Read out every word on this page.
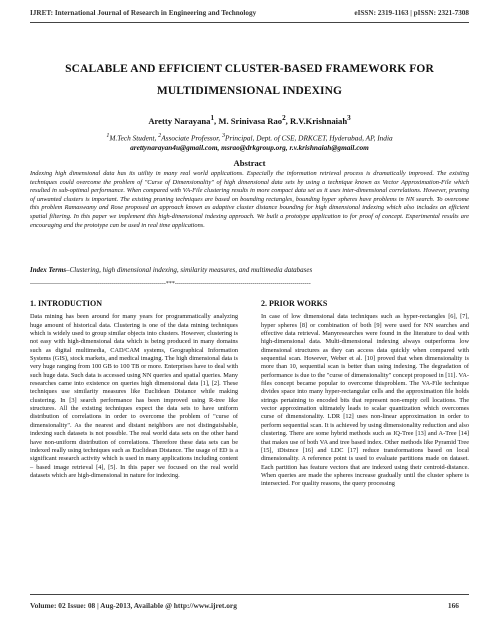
IJRET: International Journal of Research in Engineering and Technology	eISSN: 2319-1163 | pISSN: 2321-7308
SCALABLE AND EFFICIENT CLUSTER-BASED FRAMEWORK FOR
MULTIDIMENSIONAL INDEXING
Aretty Narayana$^1$, M. Srinivasa Rao$^2$, R.V.Krishnaiah$^3$
$^1$M.Tech Student, $^2$Associate Professor, $^3$Principal, Dept. of CSE, DRKCET, Hyderabad, AP, India
arettynarayan4u@gmail.com, msrao@drkgroup.org, r.v.krishnaiah@gmail.com
Abstract
Indexing high dimensional data has its utility in many real world applications. Especially the information retrieval process is dramatically improved. The existing techniques could overcome the problem of "Curse of Dimensionality" of high dimensional data sets by using a technique known as Vector Approximation-File which resulted in sub-optimal performance. When compared with VA-File clustering results in more compact data set as it uses inter-dimensional correlations. However, pruning of unwanted clusters is important. The existing pruning techniques are based on bounding rectangles, bounding hyper spheres have problems in NN search. To overcome this problem Ramaswamy and Rose proposed an approach known as adaptive cluster distance bounding for high dimensional indexing which also includes an efficient spatial filtering. In this paper we implement this high-dimensional indexing approach. We built a prototype application to for proof of concept. Experimental results are encouraging and the prototype can be used in real time applications.
Index Terms–Clustering, high dimensional indexing, similarity measures, and multimedia databases
--------------------------------------------------------------------***--------------------------------------------------------------------
1. INTRODUCTION

Data mining has been around for many years for programmatically analyzing huge amount of historical data. Clustering is one of the data mining techniques which is widely used to group similar objects into clusters. However, clustering is not easy with high-dimensional data which is being produced in many domains such as digital multimedia, CAD/CAM systems, Geographical Information Systems (GIS), stock markets, and medical imaging. The high dimensional data is very huge ranging from 100 GB to 100 TB or more. Enterprises have to deal with such huge data. Such data is accessed using NN queries and spatial queries. Many researches came into existence on queries high dimensional data [1], [2]. These techniques use similarity measures like Euclidean Distance while making clustering. In [3] search performance has been improved using R-tree like structures. All the existing techniques expect the data sets to have uniform distribution of correlations in order to overcome the problem of "curse of dimensionality". As the nearest and distant neighbors are not distinguishable, indexing such datasets is not possible. The real world data sets on the other hand have non-uniform distribution of correlations. Therefore these data sets can be indexed really using techniques such as Euclidean Distance. The usage of ED is a significant research activity which is used in many applications including content – based image retrieval [4], [5]. In this paper we focused on the real world datasets which are high-dimensional in nature for indexing.

2. PRIOR WORKS

In case of low dimensional data techniques such as hyper-rectangles [6], [7], hyper spheres [8] or combination of both [9] were used for NN searches and effective data retrieval. Manyresearches were found in the literature to deal with high-dimensional data. Multi-dimensional indexing always outperforms low dimensional structures as they can access data quickly when compared with sequential scan. However, Weber et al. [10] proved that when dimensionality is more than 10, sequential scan is better than using indexing. The degradation of performance is due to the "curse of dimensionality" concept proposed in [11]. VA-files concept became popular to overcome thisproblem. The VA-File technique divides space into many hyper-rectangular cells and the approximation file holds strings pertaining to encoded bits that represent non-empty cell locations. The vector approximation ultimately leads to scalar quantization which overcomes curse of dimensionality. LDR [12] uses non-linear approximation in order to perform sequential scan. It is achieved by using dimensionality reduction and also clustering. There are some hybrid methods such as IQ-Tree [13] and A-Tree [14] that makes use of both VA and tree based index. Other methods like Pyramid Tree [15], iDistnce [16] and LDC [17] reduce transformations based on local dimensionality. A reference point is used to evaluate partitions made on dataset. Each partition has feature vectors that are indexed using their centroid-distance. When queries are made the spheres increase gradually until the cluster sphere is intersected. For quality reasons, the query processing

Volume: 02 Issue: 08 | Aug-2013, Available @ http://www.ijret.org	166
